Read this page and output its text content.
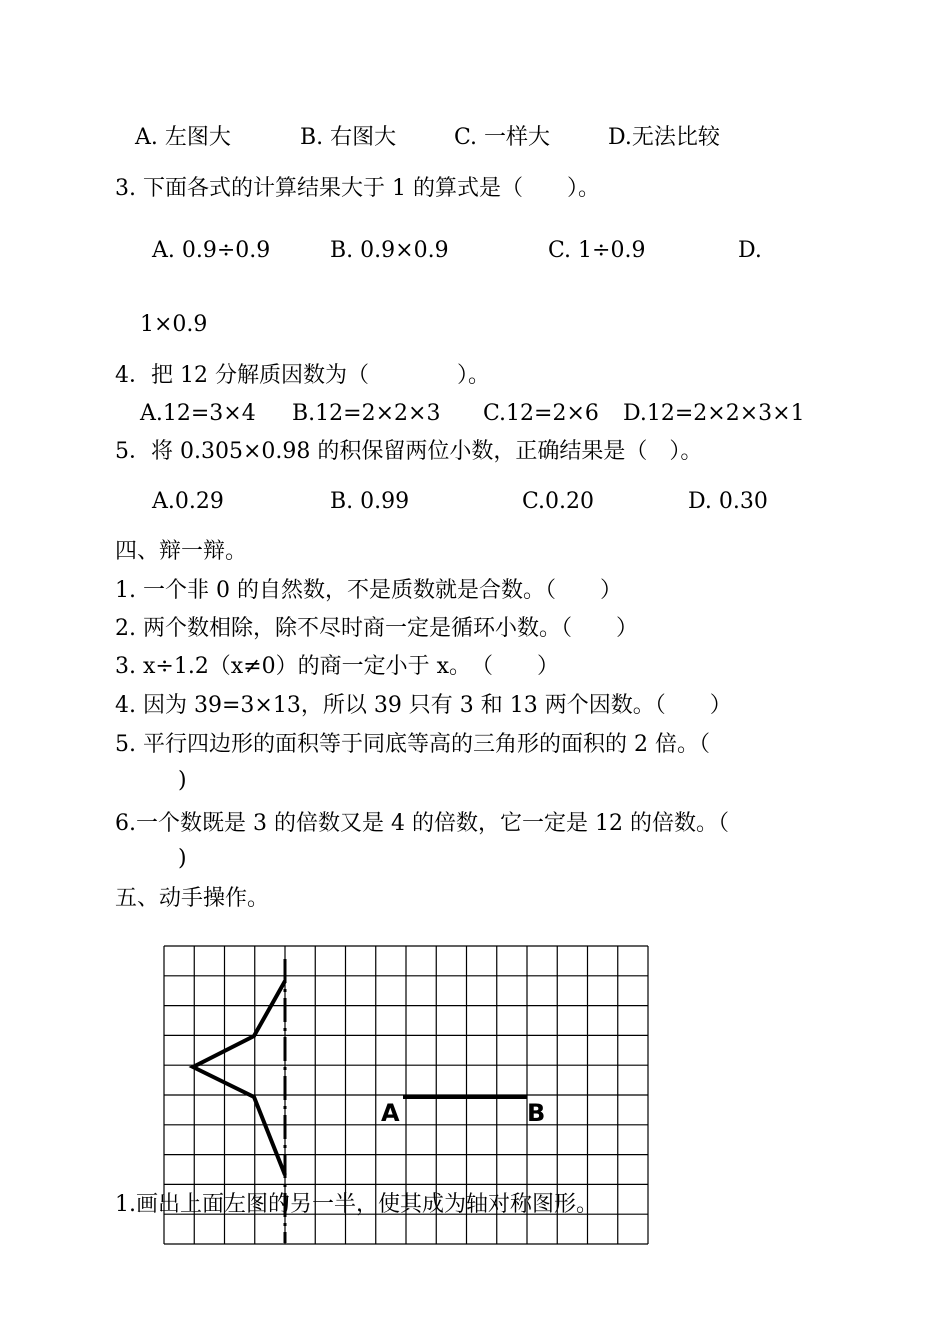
A. 左图大	B. 右图大	C. 一样大	D.无法比较
3. 下面各式的计算结果大于 1 的算式是（　　）。
A. 0.9÷0.9	B. 0.9×0.9	C. 1÷0.9	D.
1×0.9
4．把 12 分解质因数为（　　　　）。
A.12=3×4 B.12=2×2×3 C.12=2×6 D.12=2×2×3×1
5．将 0.305×0.98 的积保留两位小数，正确结果是（　）。
A.0.29	B. 0.99	C.0.20	D. 0.30
四、辩一辩。
1. 一个非 0 的自然数，不是质数就是合数。（　　）
2. 两个数相除，除不尽时商一定是循环小数。（　　）
3. x÷1.2（x≠0）的商一定小于 x。　（　　）
4. 因为 39=3×13，所以 39 只有 3 和 13 两个因数。（　　）
5. 平行四边形的面积等于同底等高的三角形的面积的 2 倍。（
)
6.一个数既是 3 的倍数又是 4 的倍数，它一定是 12 的倍数。（
)
五、动手操作。
A	B
1.画出上面左图的另一半，使其成为轴对称图形。
